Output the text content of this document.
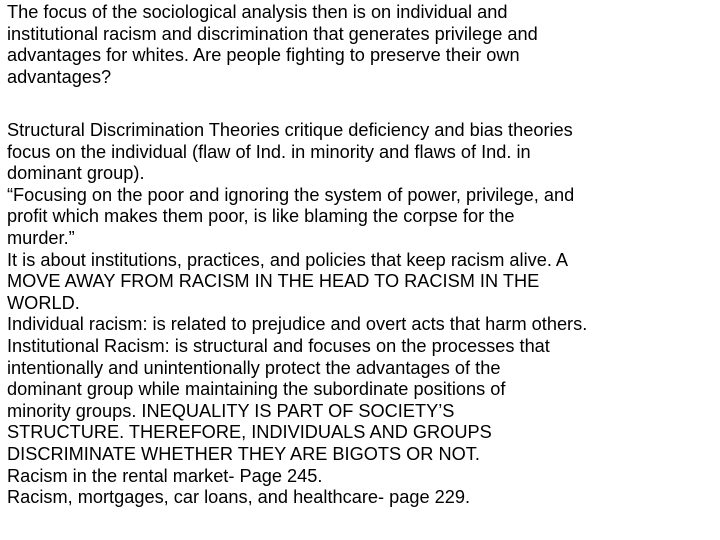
The focus of the sociological analysis then is on individual and
institutional racism and discrimination that generates privilege and
advantages for whites. Are people fighting to preserve their own
advantages?

Structural Discrimination Theories critique deficiency and bias theories
focus on the individual (flaw of Ind. in minority and flaws of Ind. in
dominant group).

“Focusing on the poor and ignoring the system of power, privilege, and
profit which makes them poor, is like blaming the corpse for the
murder.”

It is about institutions, practices, and policies that keep racism alive. A
MOVE AWAY FROM RACISM IN THE HEAD TO RACISM IN THE
WORLD.

Individual racism: is related to prejudice and overt acts that harm others.

Institutional Racism: is structural and focuses on the processes that
intentionally and unintentionally protect the advantages of the
dominant group while maintaining the subordinate positions of
minority groups. INEQUALITY IS PART OF SOCIETY’S
STRUCTURE. THEREFORE, INDIVIDUALS AND GROUPS
DISCRIMINATE WHETHER THEY ARE BIGOTS OR NOT.

Racism in the rental market- Page 245.

Racism, mortgages, car loans, and healthcare- page 229.
